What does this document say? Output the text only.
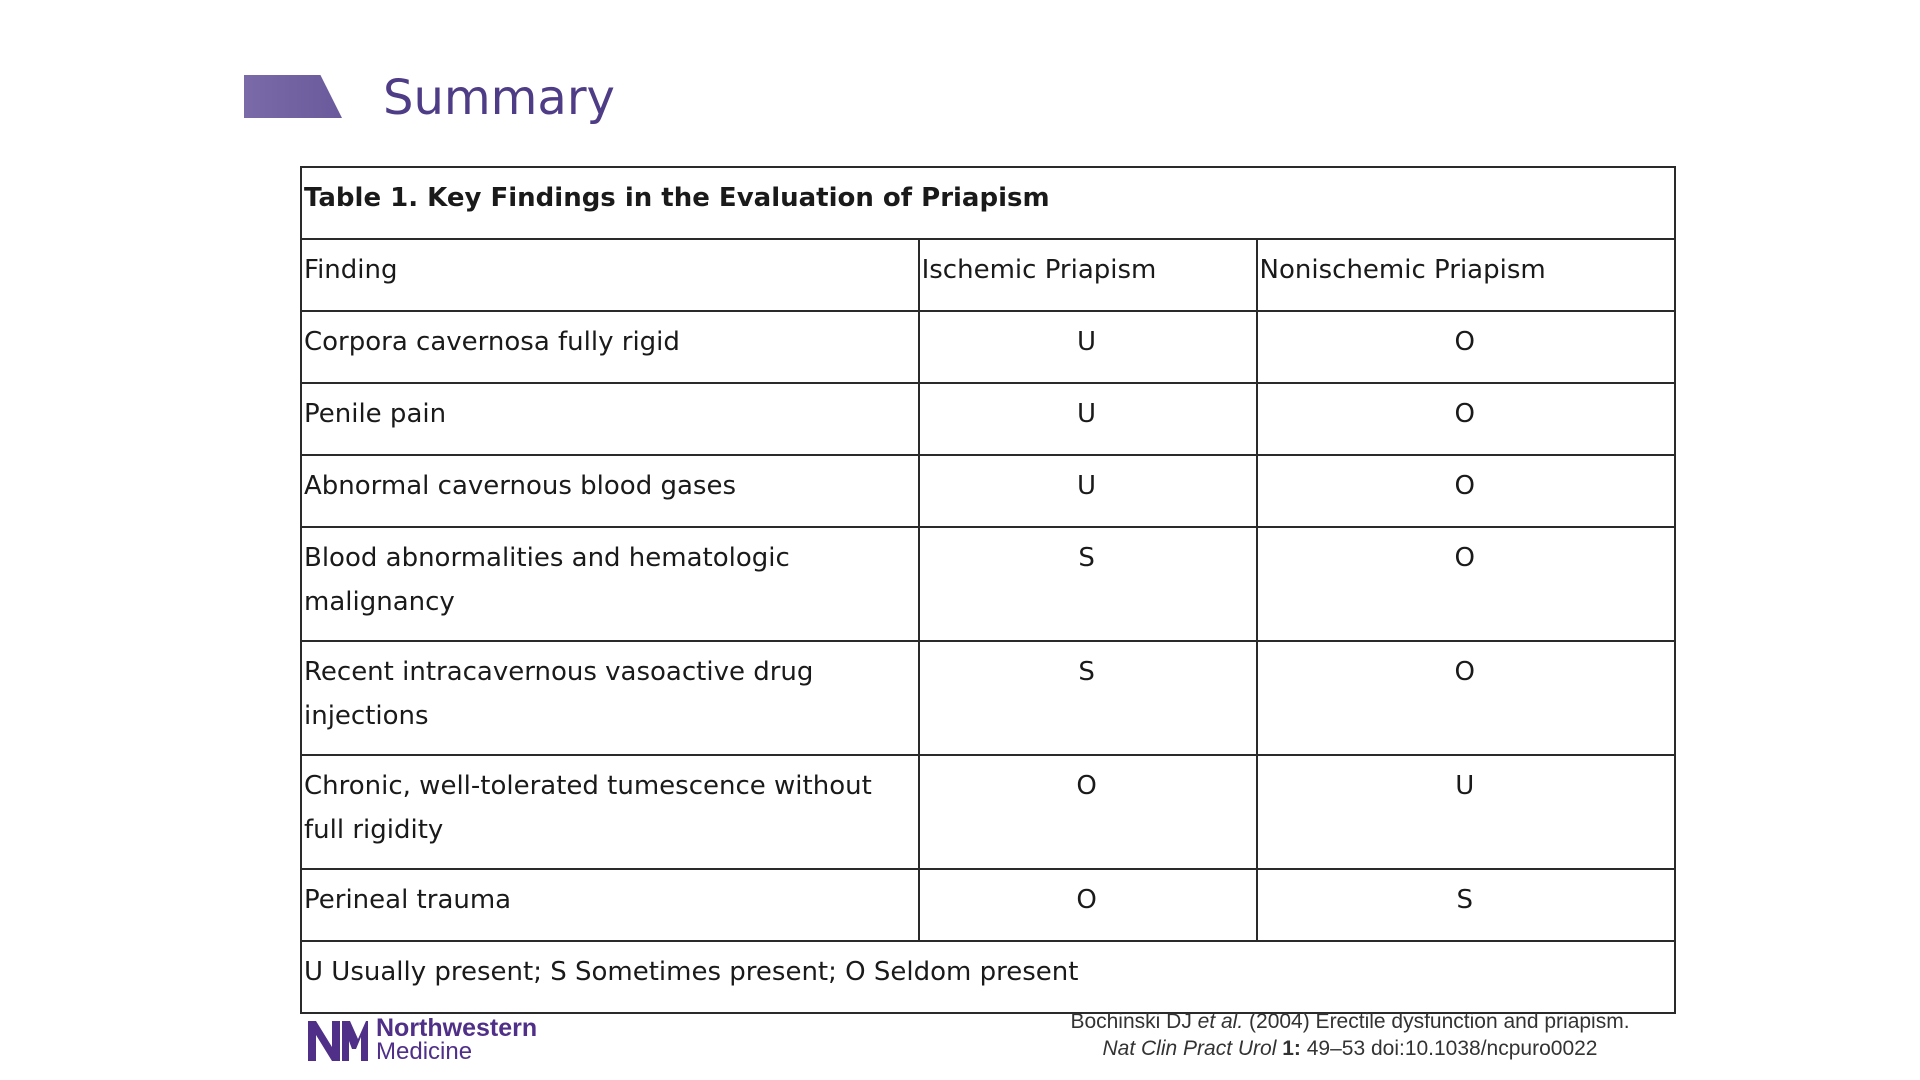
Summary
Table 1. Key Findings in the Evaluation of Priapism		
Finding	Ischemic Priapism	Nonischemic Priapism
Corpora cavernosa fully rigid	U	O
Penile pain	U	O
Abnormal cavernous blood gases	U	O
Blood abnormalities and hematologic malignancy	S	O
Recent intracavernous vasoactive drug injections	S	O
Chronic, well-tolerated tumescence without full rigidity	O	U
Perineal trauma	O	S
U Usually present; S Sometimes present; O Seldom present		
Northwestern
Medicine
Bochinski DJ et al. (2004) Erectile dysfunction and priapism.
Nat Clin Pract Urol 1: 49–53 doi:10.1038/ncpuro0022
